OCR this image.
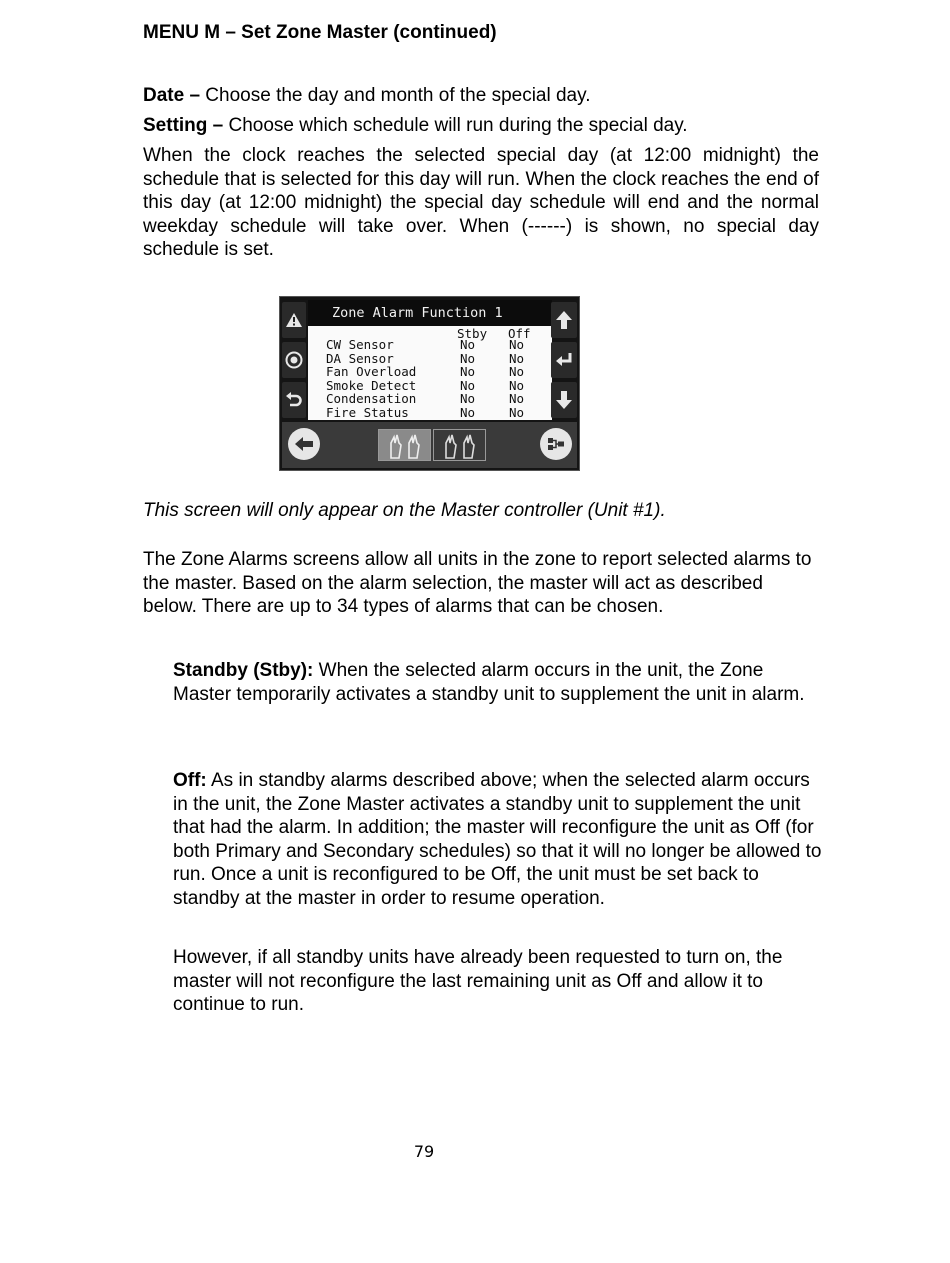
MENU M – Set Zone Master (continued)
Date – Choose the day and month of the special day.
Setting – Choose which schedule will run during the special day.
When the clock reaches the selected special day (at 12:00 midnight) the schedule that is selected for this day will run. When the clock reaches the end of this day (at 12:00 midnight) the special day schedule will end and the normal weekday schedule will take over. When (------) is shown, no special day schedule is set.
Zone Alarm Function 1
Stby Off
CW Sensor	No	No
DA Sensor	No	No
Fan Overload	No	No
Smoke Detect	No	No
Condensation	No	No
Fire Status	No	No
This screen will only appear on the Master controller (Unit #1).
The Zone Alarms screens allow all units in the zone to report selected alarms to the master. Based on the alarm selection, the master will act as described below. There are up to 34 types of alarms that can be chosen.
Standby (Stby): When the selected alarm occurs in the unit, the Zone Master temporarily activates a standby unit to supplement the unit in alarm.
Off: As in standby alarms described above; when the selected alarm occurs in the unit, the Zone Master activates a standby unit to supplement the unit that had the alarm. In addition; the master will reconfigure the unit as Off (for both Primary and Secondary schedules) so that it will no longer be allowed to run. Once a unit is reconfigured to be Off, the unit must be set back to standby at the master in order to resume operation.
However, if all standby units have already been requested to turn on, the master will not reconfigure the last remaining unit as Off and allow it to continue to run.
79
